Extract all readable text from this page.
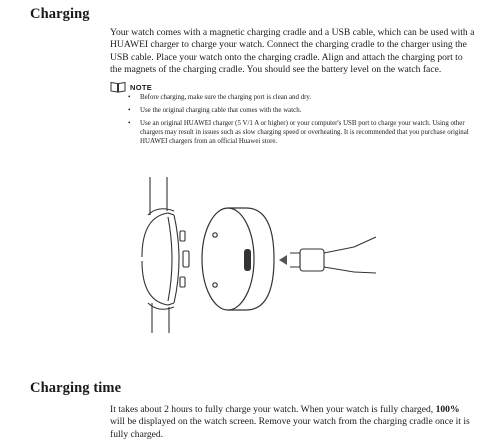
Charging

Your watch comes with a magnetic charging cradle and a USB cable, which can be used with a HUAWEI charger to charge your watch. Connect the charging cradle to the charger using the USB cable. Place your watch onto the charging cradle. Align and attach the charging port to the magnets of the charging cradle. You should see the battery level on the watch face.

NOTE
• Before charging, make sure the charging port is clean and dry.
• Use the original charging cable that comes with the watch.
• Use an original HUAWEI charger (5 V/1 A or higher) or your computer's USB port to charge your watch. Using other chargers may result in issues such as slow charging speed or overheating. It is recommended that you purchase original HUAWEI chargers from an official Huawei store.
Charging time

It takes about 2 hours to fully charge your watch. When your watch is fully charged, 100% will be displayed on the watch screen. Remove your watch from the charging cradle once it is fully charged.
